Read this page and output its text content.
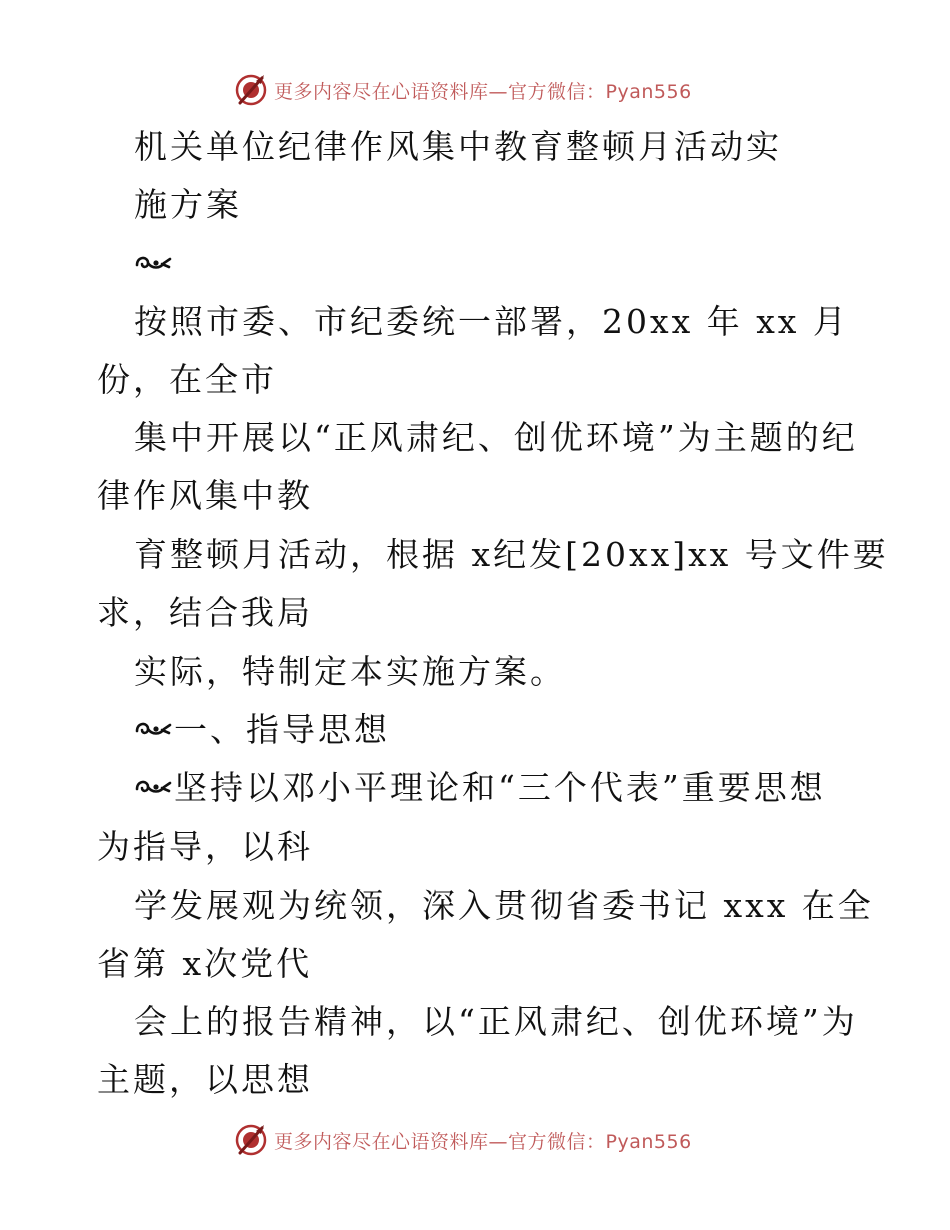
更多内容尽在心语资料库—官方微信：Pyan556
机关单位纪律作风集中教育整顿月活动实
施方案
按照市委、市纪委统一部署，20xx 年 xx 月
份，在全市
集中开展以“正风肃纪、创优环境”为主题的纪
律作风集中教
育整顿月活动，根据 x纪发[20xx]xx 号文件要
求，结合我局
实际，特制定本实施方案。
一、指导思想
坚持以邓小平理论和“三个代表”重要思想
为指导，以科
学发展观为统领，深入贯彻省委书记 xxx 在全
省第 x次党代
会上的报告精神，以“正风肃纪、创优环境”为
主题，以思想
更多内容尽在心语资料库—官方微信：Pyan556
